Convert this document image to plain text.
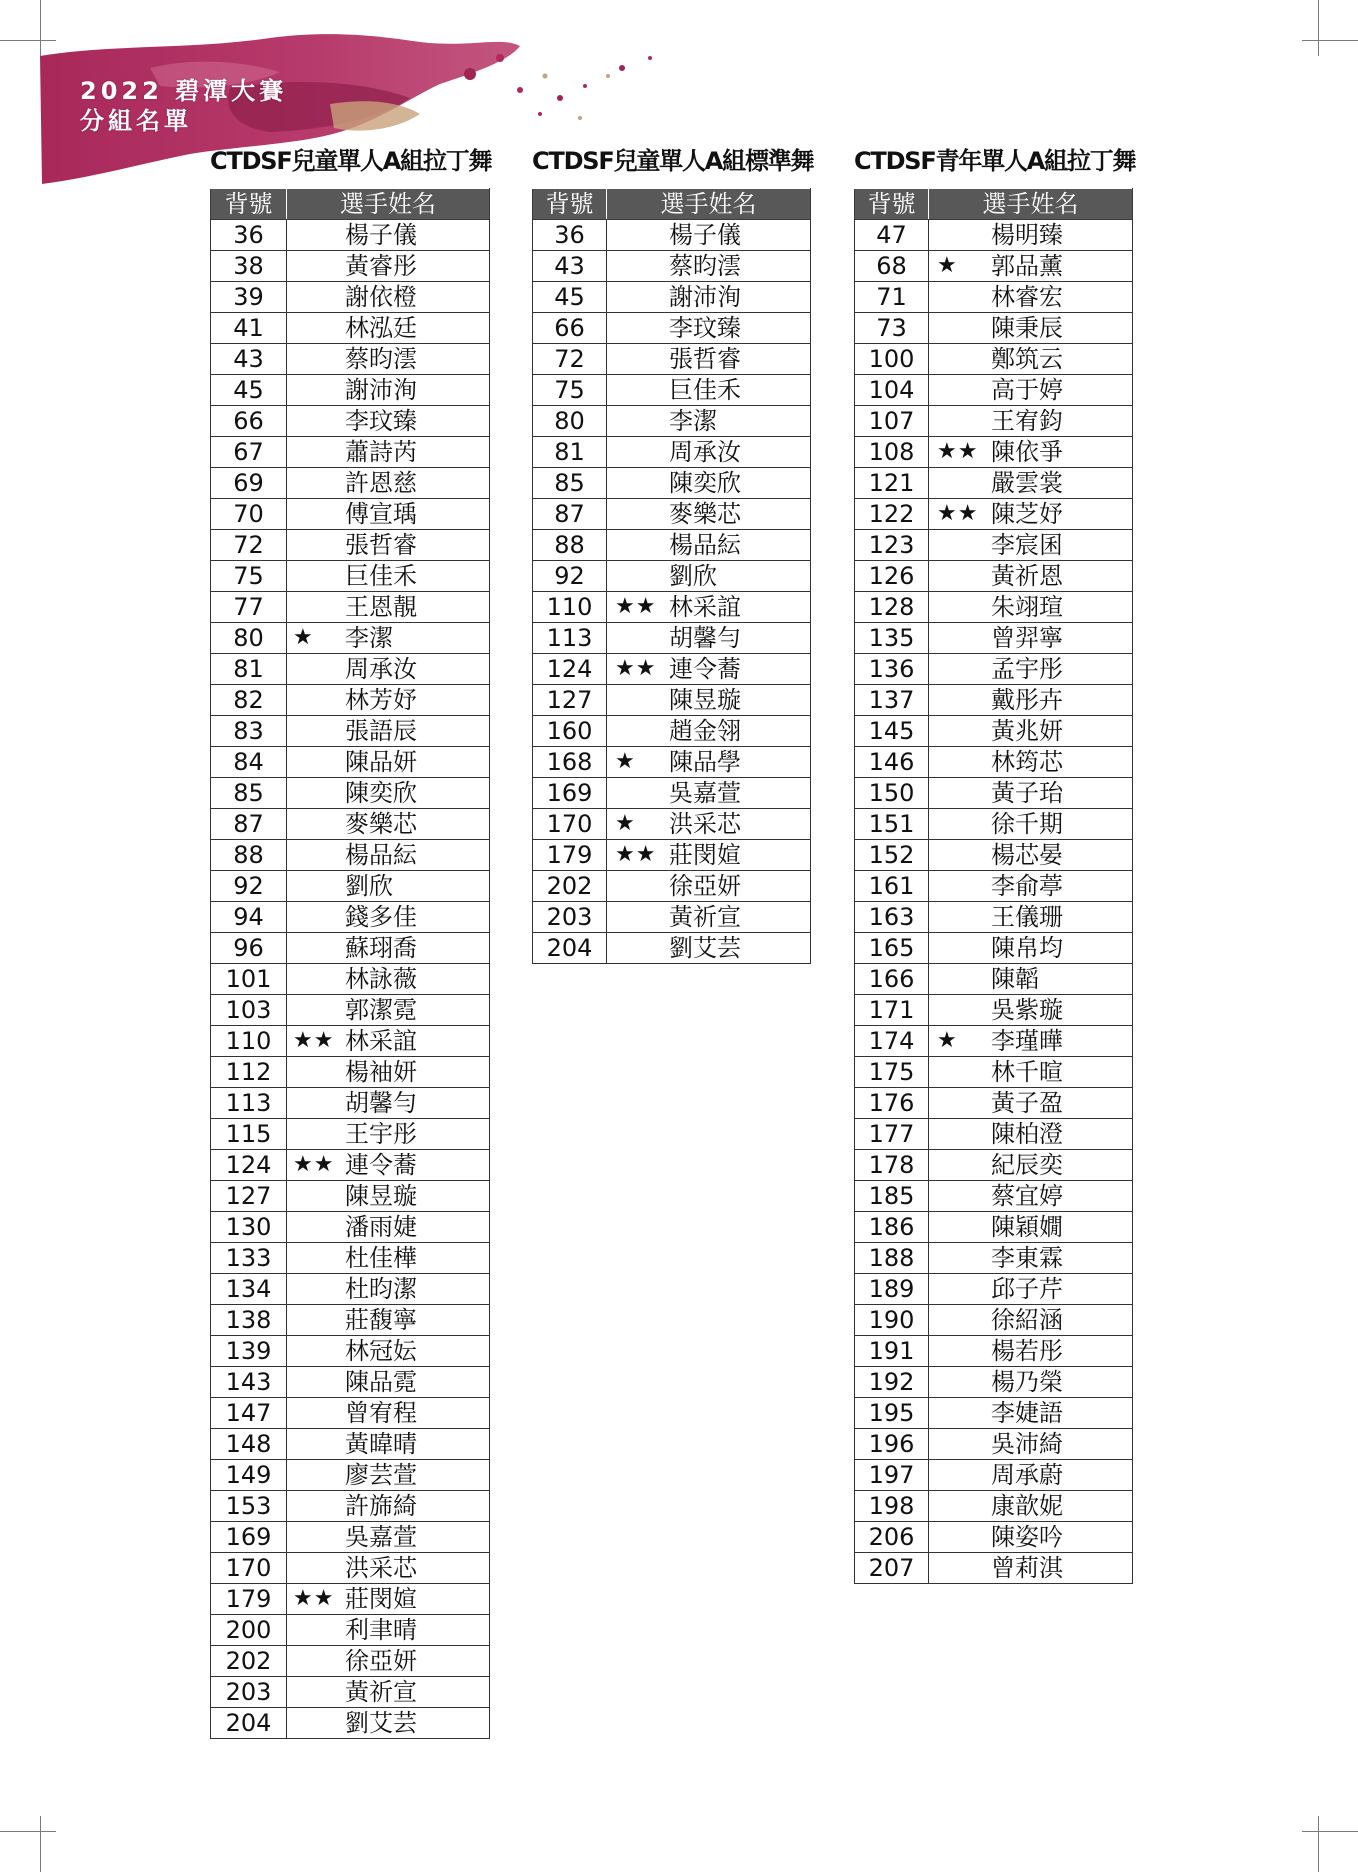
2022 碧潭大賽
分組名單
CTDSF兒童單人A組拉丁舞
背號	選手姓名
36	楊子儀

38	黃睿彤

39	謝依橙

41	林泓廷

43	蔡昀澐

45	謝沛洵

66	李玟臻

67	蕭詩芮

69	許恩慈

70	傅宣瑀

72	張哲睿

75	巨佳禾

77	王恩靚

80	★ 李潔

81	周承汝

82	林芳妤

83	張語辰

84	陳品妍

85	陳奕欣

87	麥樂芯

88	楊品紜

92	劉欣

94	錢多佳

96	蘇珝喬

101	林詠薇

103	郭潔霓

110	★★ 林采誼

112	楊袖妍

113	胡馨勻

115	王宇彤

124	★★ 連令蕎

127	陳昱璇

130	潘雨婕

133	杜佳樺

134	杜昀潔

138	莊馥寧

139	林冠妘

143	陳品霓

147	曾宥程

148	黃暐晴

149	廖芸萱

153	許旆綺

169	吳嘉萱

170	洪采芯

179	★★ 莊閔媗

200	利聿晴

202	徐亞妍

203	黃祈宣

204	劉艾芸
CTDSF兒童單人A組標準舞
背號	選手姓名
36	楊子儀

43	蔡昀澐

45	謝沛洵

66	李玟臻

72	張哲睿

75	巨佳禾

80	李潔

81	周承汝

85	陳奕欣

87	麥樂芯

88	楊品紜

92	劉欣

110	★★ 林采誼

113	胡馨勻

124	★★ 連令蕎

127	陳昱璇

160	趙金翎

168	★ 陳品學

169	吳嘉萱

170	★ 洪采芯

179	★★ 莊閔媗

202	徐亞妍

203	黃祈宣

204	劉艾芸
CTDSF青年單人A組拉丁舞
背號	選手姓名
47	楊明臻

68	★ 郭品薰

71	林睿宏

73	陳秉辰

100	鄭筑云

104	高于婷

107	王宥鈞

108	★★ 陳依爭

121	嚴雲裳

122	★★ 陳芝妤

123	李宸囷

126	黃祈恩

128	朱翊瑄

135	曾羿寧

136	孟宇彤

137	戴彤卉

145	黃兆妍

146	林筠芯

150	黃子珆

151	徐千期

152	楊芯晏

161	李俞葶

163	王儀珊

165	陳帛均

166	陳韜

171	吳紫璇

174	★ 李瑾曄

175	林千暄

176	黃子盈

177	陳柏澄

178	紀辰奕

185	蔡宜婷

186	陳穎嫺

188	李東霖

189	邱子芹

190	徐紹涵

191	楊若彤

192	楊乃榮

195	李婕語

196	吳沛綺

197	周承蔚

198	康歆妮

206	陳姿吟

207	曾莉淇
